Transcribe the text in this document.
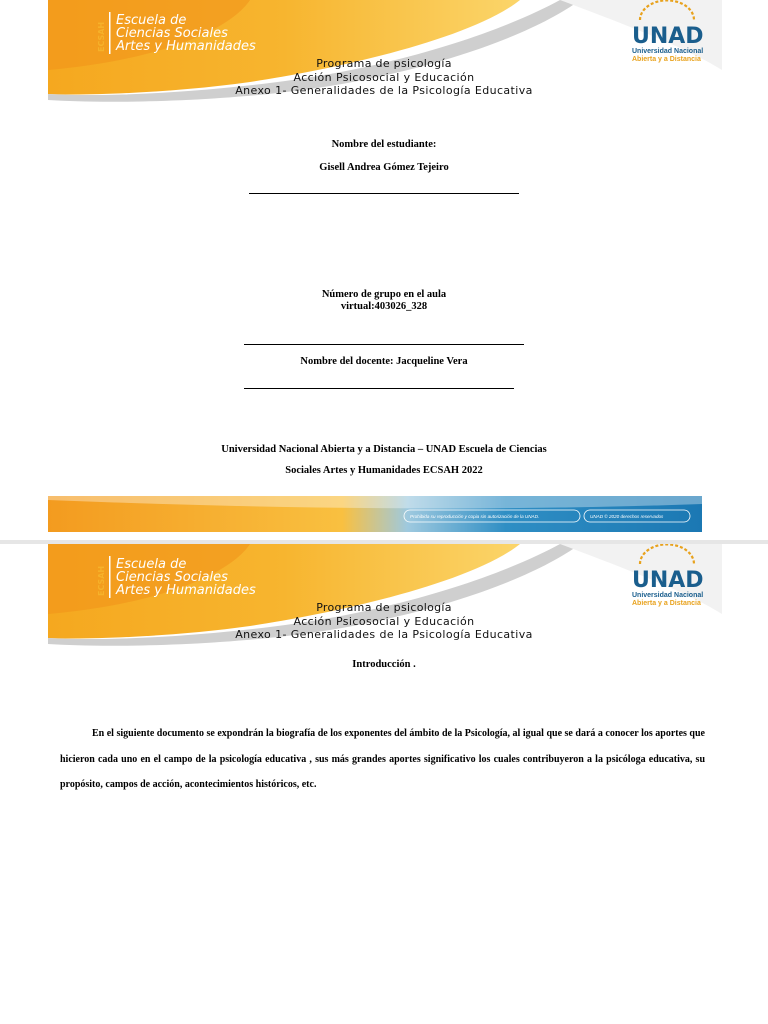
ECSAH
Escuela de
Ciencias Sociales
Artes y Humanidades	UNAD
Universidad Nacional
Abierta y a Distancia
Programa de psicología
Acción Psicosocial y Educación
Anexo 1- Generalidades de la Psicología Educativa
Nombre del estudiante:
Gisell Andrea Gómez Tejeiro
Número de grupo en el aula
virtual:403026_328
Nombre del docente: Jacqueline Vera
Universidad Nacional Abierta y a Distancia – UNAD Escuela de Ciencias
Sociales Artes y Humanidades ECSAH 2022
Prohibida su reproducción y copia sin autorización de la UNAD.	UNAD © 2020 derechos reservados
ECSAH
Escuela de
Ciencias Sociales
Artes y Humanidades	UNAD
Universidad Nacional
Abierta y a Distancia
Programa de psicología
Acción Psicosocial y Educación
Anexo 1- Generalidades de la Psicología Educativa
Introducción .
En el siguiente documento se expondrán la biografía de los exponentes del ámbito de la Psicología, al igual que se dará a conocer los aportes que hicieron cada uno en el campo de la psicología educativa , sus más grandes aportes significativo los cuales contribuyeron a la psicóloga educativa, su propósito, campos de acción, acontecimientos históricos, etc.
